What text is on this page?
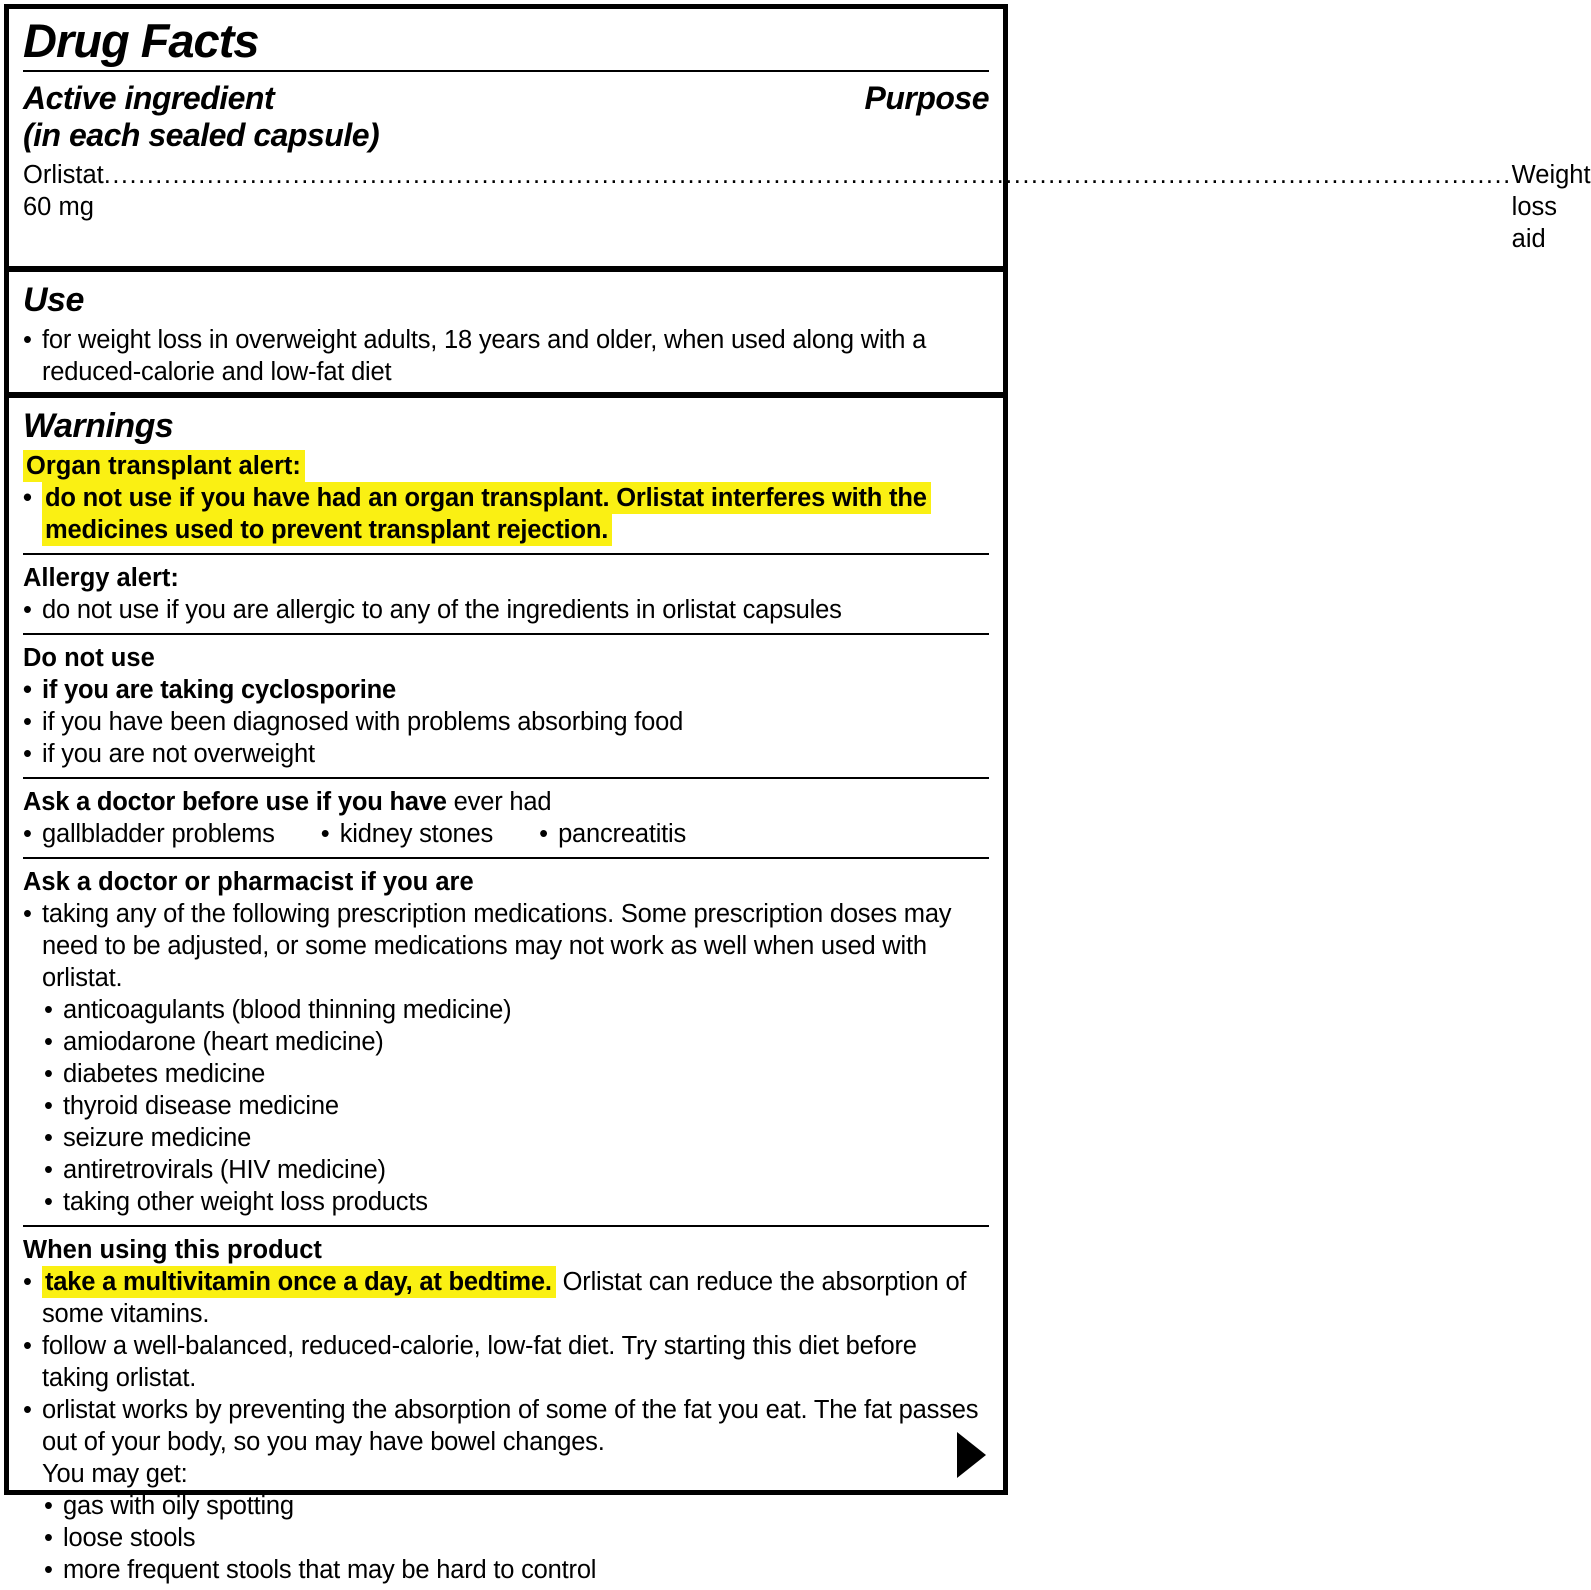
Drug Facts
Active ingredient
(in each sealed capsule)
Purpose
Orlistat 60 mg
.....
Weight loss aid
Use
• for weight loss in overweight adults, 18 years and older, when used along with a reduced-calorie and low-fat diet
Warnings
Organ transplant alert:
• do not use if you have had an organ transplant. Orlistat interferes with the medicines used to prevent transplant rejection.
Allergy alert:
• do not use if you are allergic to any of the ingredients in orlistat capsules
Do not use
• if you are taking cyclosporine
• if you have been diagnosed with problems absorbing food
• if you are not overweight
Ask a doctor before use if you have ever had
• gallbladder problems • kidney stones • pancreatitis
Ask a doctor or pharmacist if you are
• taking any of the following prescription medications. Some prescription doses may need to be adjusted, or some medications may not work as well when used with orlistat.
• anticoagulants (blood thinning medicine)
• amiodarone (heart medicine)
• diabetes medicine
• thyroid disease medicine
• seizure medicine
• antiretrovirals (HIV medicine)
• taking other weight loss products
When using this product
• take a multivitamin once a day, at bedtime. Orlistat can reduce the absorption of some vitamins.
• follow a well-balanced, reduced-calorie, low-fat diet. Try starting this diet before taking orlistat.
• orlistat works by preventing the absorption of some of the fat you eat. The fat passes out of your body, so you may have bowel changes.
You may get:
• gas with oily spotting
• loose stools
• more frequent stools that may be hard to control
